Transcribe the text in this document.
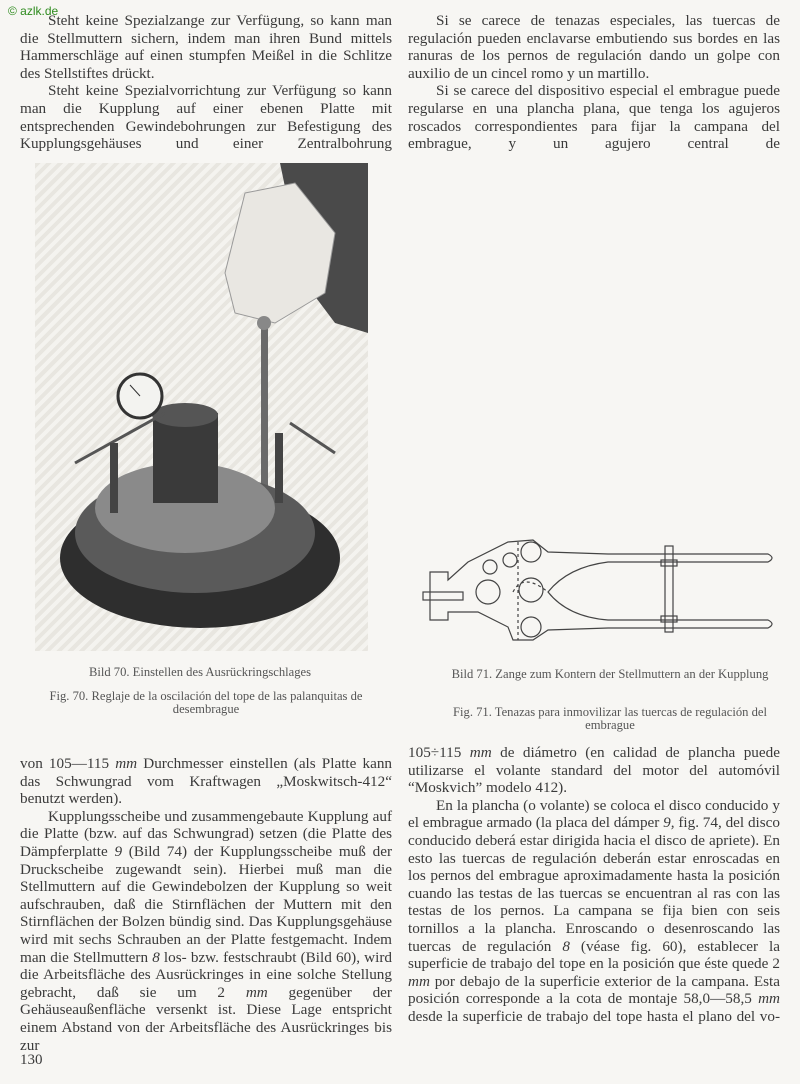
© azlk.de

Steht keine Spezialzange zur Verfügung, so kann man die Stellmuttern sichern, indem man ihren Bund mittels Hammerschläge auf einen stumpfen Meißel in die Schlitze des Stellstiftes drückt.

Steht keine Spezialvorrichtung zur Verfügung so kann man die Kupplung auf einer ebenen Platte mit entsprechenden Gewindebohrungen zur Befestigung des Kupplungsgehäuses und einer Zentralbohrung

Si se carece de tenazas especiales, las tuercas de regulación pueden enclavarse embutiendo sus bordes en las ranuras de los pernos de regulación dando un golpe con auxilio de un cincel romo y un martillo.

Si se carece del dispositivo especial el embrague puede regularse en una plancha plana, que tenga los agujeros roscados correspondientes para fijar la campana del embrague, y un agujero central de

Bild 70. Einstellen des Ausrückringschlages
Fig. 70. Reglaje de la oscilación del tope de las palanquitas de desembrague
Bild 71. Zange zum Kontern der Stellmuttern an der Kupplung
Fig. 71. Tenazas para inmovilizar las tuercas de regulación del embrague

von 105—115 mm Durchmesser einstellen (als Platte kann das Schwungrad vom Kraftwagen „Moskwitsch-412“ benutzt werden).

Kupplungsscheibe und zusammengebaute Kupplung auf die Platte (bzw. auf das Schwungrad) setzen (die Platte des Dämpferplatte 9 (Bild 74) der Kupplungsscheibe muß der Druckscheibe zugewandt sein). Hierbei muß man die Stellmuttern auf die Gewindebolzen der Kupplung so weit aufschrauben, daß die Stirnflächen der Muttern mit den Stirnflächen der Bolzen bündig sind. Das Kupplungsgehäuse wird mit sechs Schrauben an der Platte festgemacht. Indem man die Stellmuttern 8 los- bzw. festschraubt (Bild 60), wird die Arbeitsfläche des Ausrückringes in eine solche Stellung gebracht, daß sie um 2 mm gegenüber der Gehäuseaußenfläche versenkt ist. Diese Lage entspricht einem Abstand von der Arbeitsfläche des Ausrückringes bis zur

105÷115 mm de diámetro (en calidad de plancha puede utilizarse el volante standard del motor del automóvil “Moskvich” modelo 412).

En la plancha (o volante) se coloca el disco conducido y el embrague armado (la placa del dámper 9, fig. 74, del disco conducido deberá estar dirigida hacia el disco de apriete). En esto las tuercas de regulación deberán estar enroscadas en los pernos del embrague aproximadamente hasta la posición cuando las testas de las tuercas se encuentran al ras con las testas de los pernos. La campana se fija bien con seis tornillos a la plancha. Enroscando o desenroscando las tuercas de regulación 8 (véase fig. 60), establecer la superficie de trabajo del tope en la posición que éste quede 2 mm por debajo de la superficie exterior de la campana. Esta posición corresponde a la cota de montaje 58,0—58,5 mm desde la superficie de trabajo del tope hasta el plano del vo-

130
